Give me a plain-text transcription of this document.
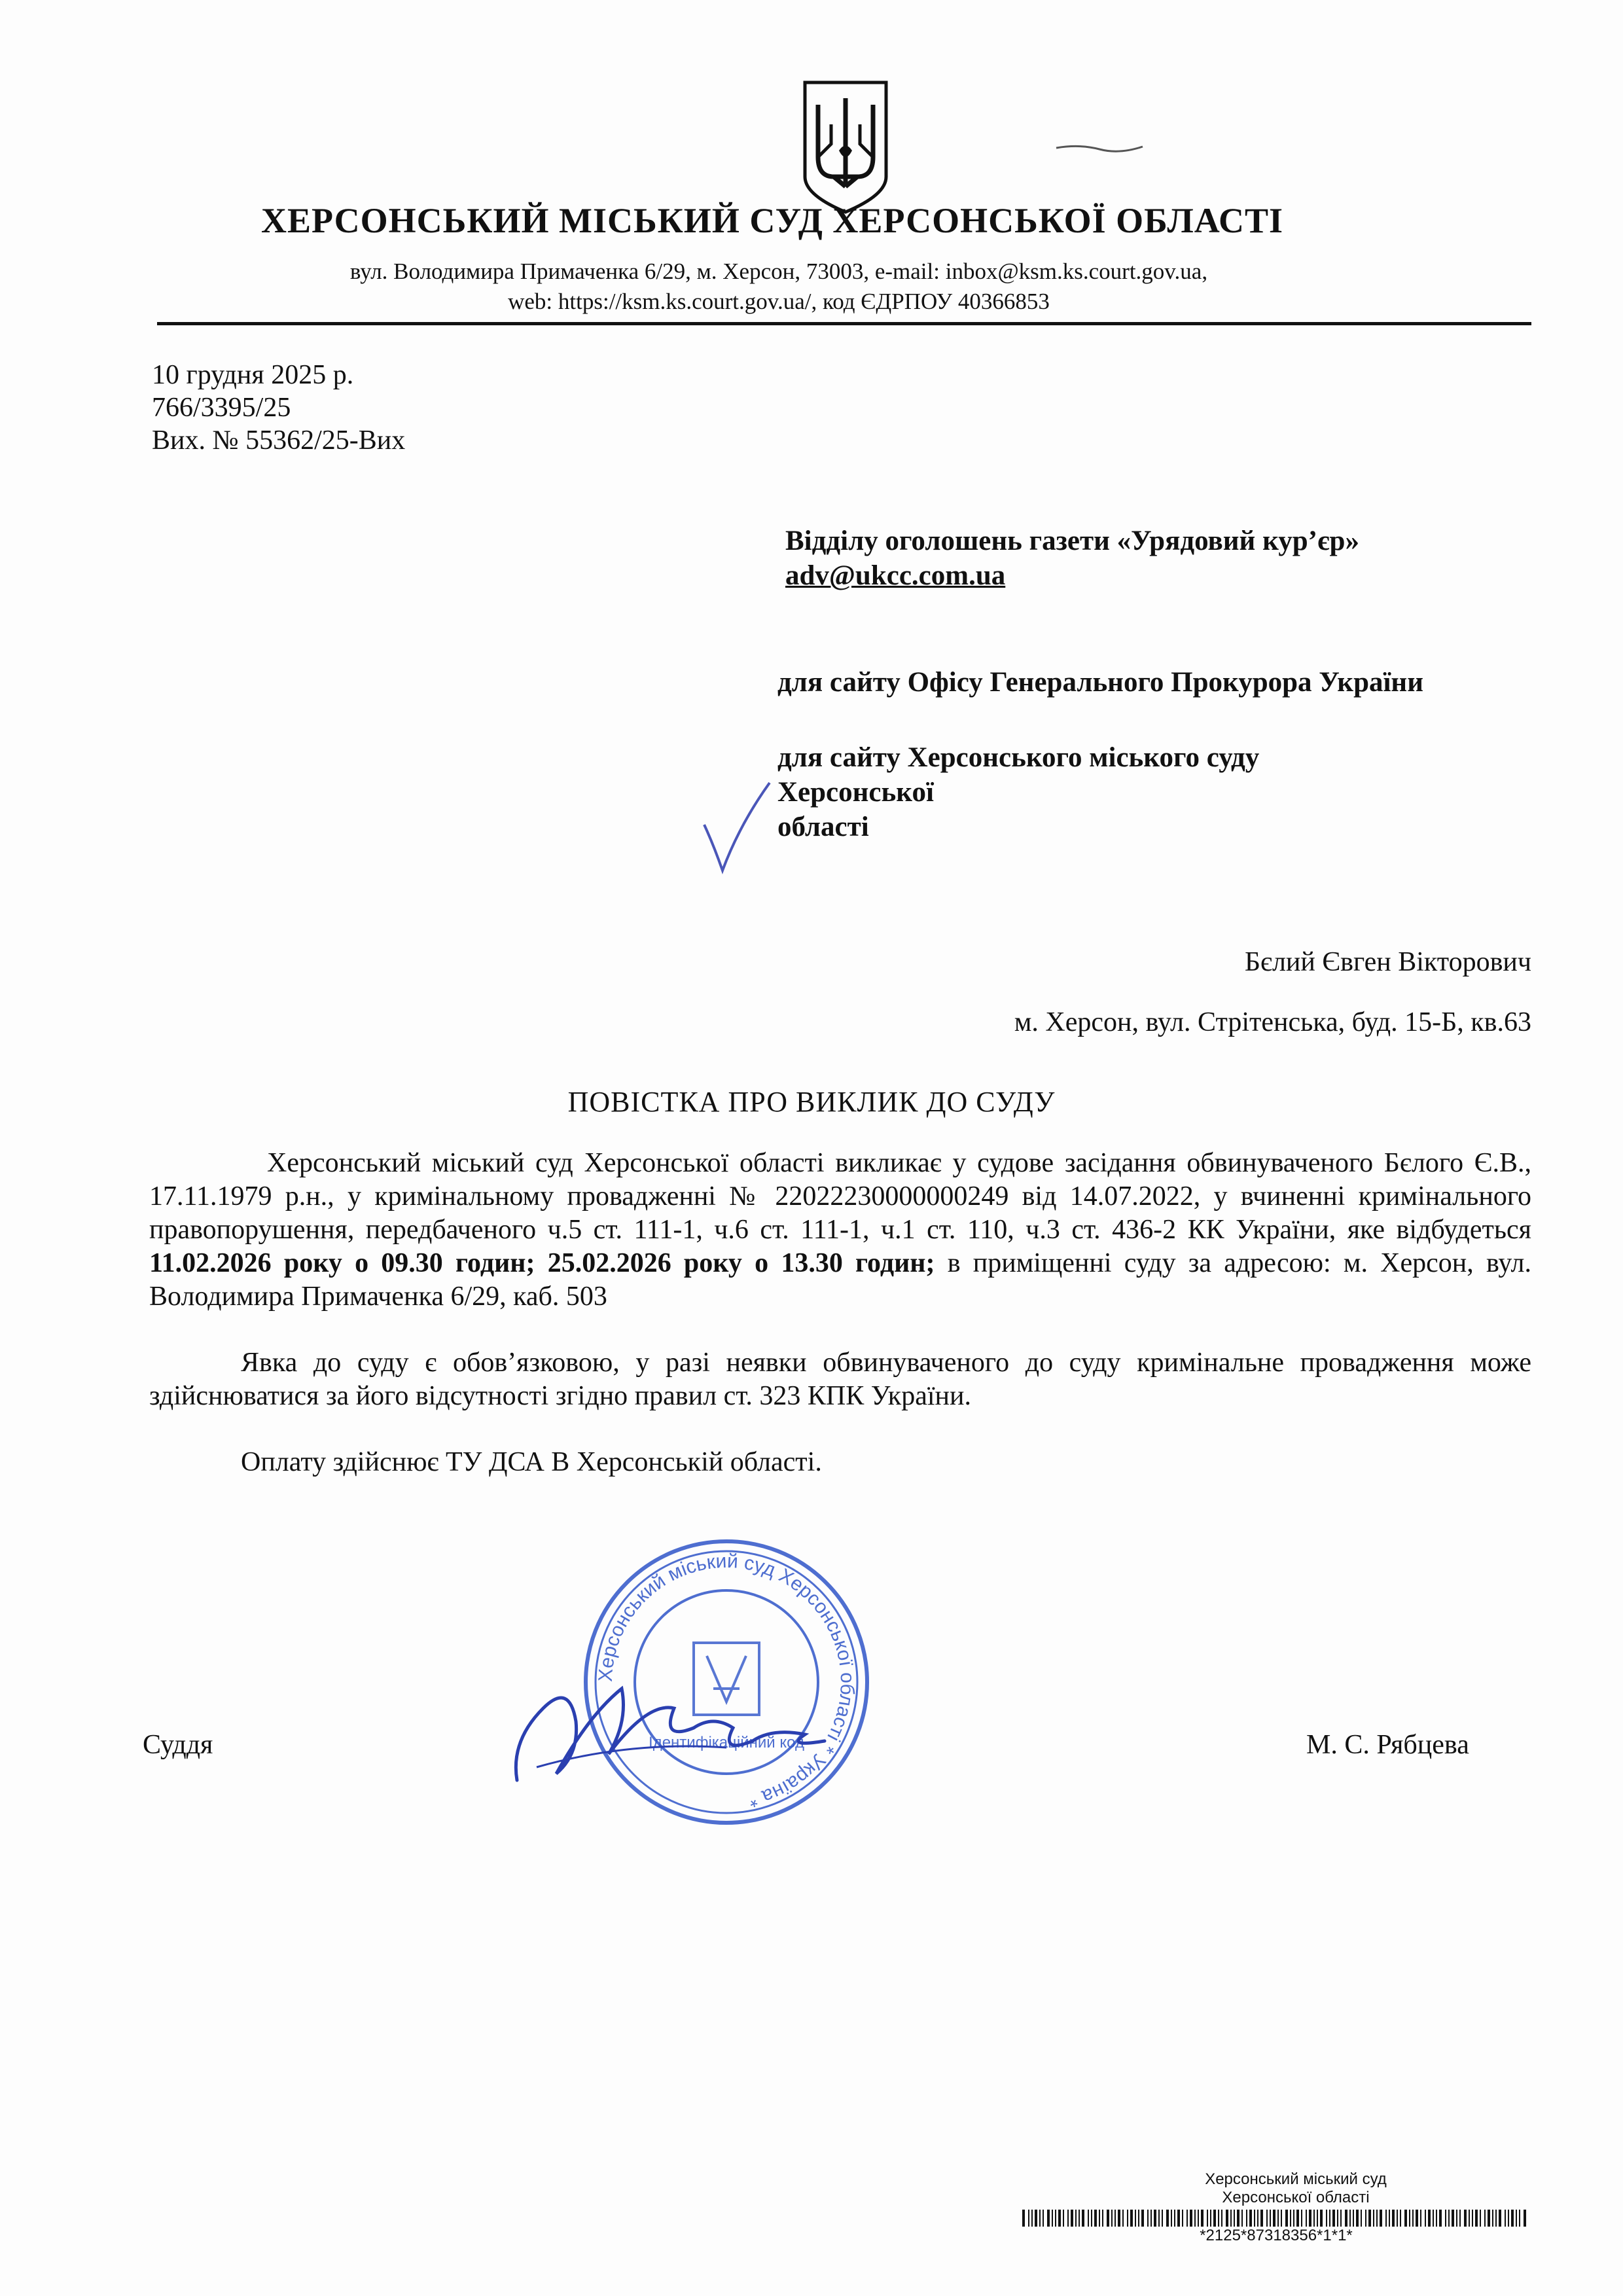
ХЕРСОНСЬКИЙ МІСЬКИЙ СУД ХЕРСОНСЬКОЇ ОБЛАСТІ
вул. Володимира Примаченка 6/29, м. Херсон, 73003, e-mail: inbox@ksm.ks.court.gov.ua,
web: https://ksm.ks.court.gov.ua/, код ЄДРПОУ 40366853
10 грудня 2025 р.
766/3395/25
Вих. № 55362/25-Вих
Відділу оголошень газети «Урядовий кур’єр»
adv@ukcc.com.ua
для сайту Офісу Генерального Прокурора України
для сайту Херсонського міського суду
Херсонської
області
Бєлий Євген Вікторович
м. Херсон, вул. Стрітенська, буд. 15-Б, кв.63
ПОВІСТКА ПРО ВИКЛИК ДО СУДУ

Херсонський міський суд Херсонської області викликає у судове засідання обвинуваченого Бєлого Є.В., 17.11.1979 р.н., у кримінальному провадженні № 22022230000000249 від 14.07.2022, у вчиненні кримінального правопорушення, передбаченого ч.5 ст. 111-1, ч.6 ст. 111-1, ч.1 ст. 110, ч.3 ст. 436-2 КК України, яке відбудеться 11.02.2026 року о 09.30 годин; 25.02.2026 року о 13.30 годин; в приміщенні суду за адресою: м. Херсон, вул. Володимира Примаченка 6/29, каб. 503

Явка до суду є обов’язковою, у разі неявки обвинуваченого до суду кримінальне провадження може здійснюватися за його відсутності згідно правил ст. 323 КПК України.

Оплату здійснює ТУ ДСА В Херсонській області.

Херсонський міський суд Херсонської області * Україна *
Ідентифікаційний код
Суддя	М. С. Рябцева
Херсонський міський суд
Херсонської області
*2125*87318356*1*1*
